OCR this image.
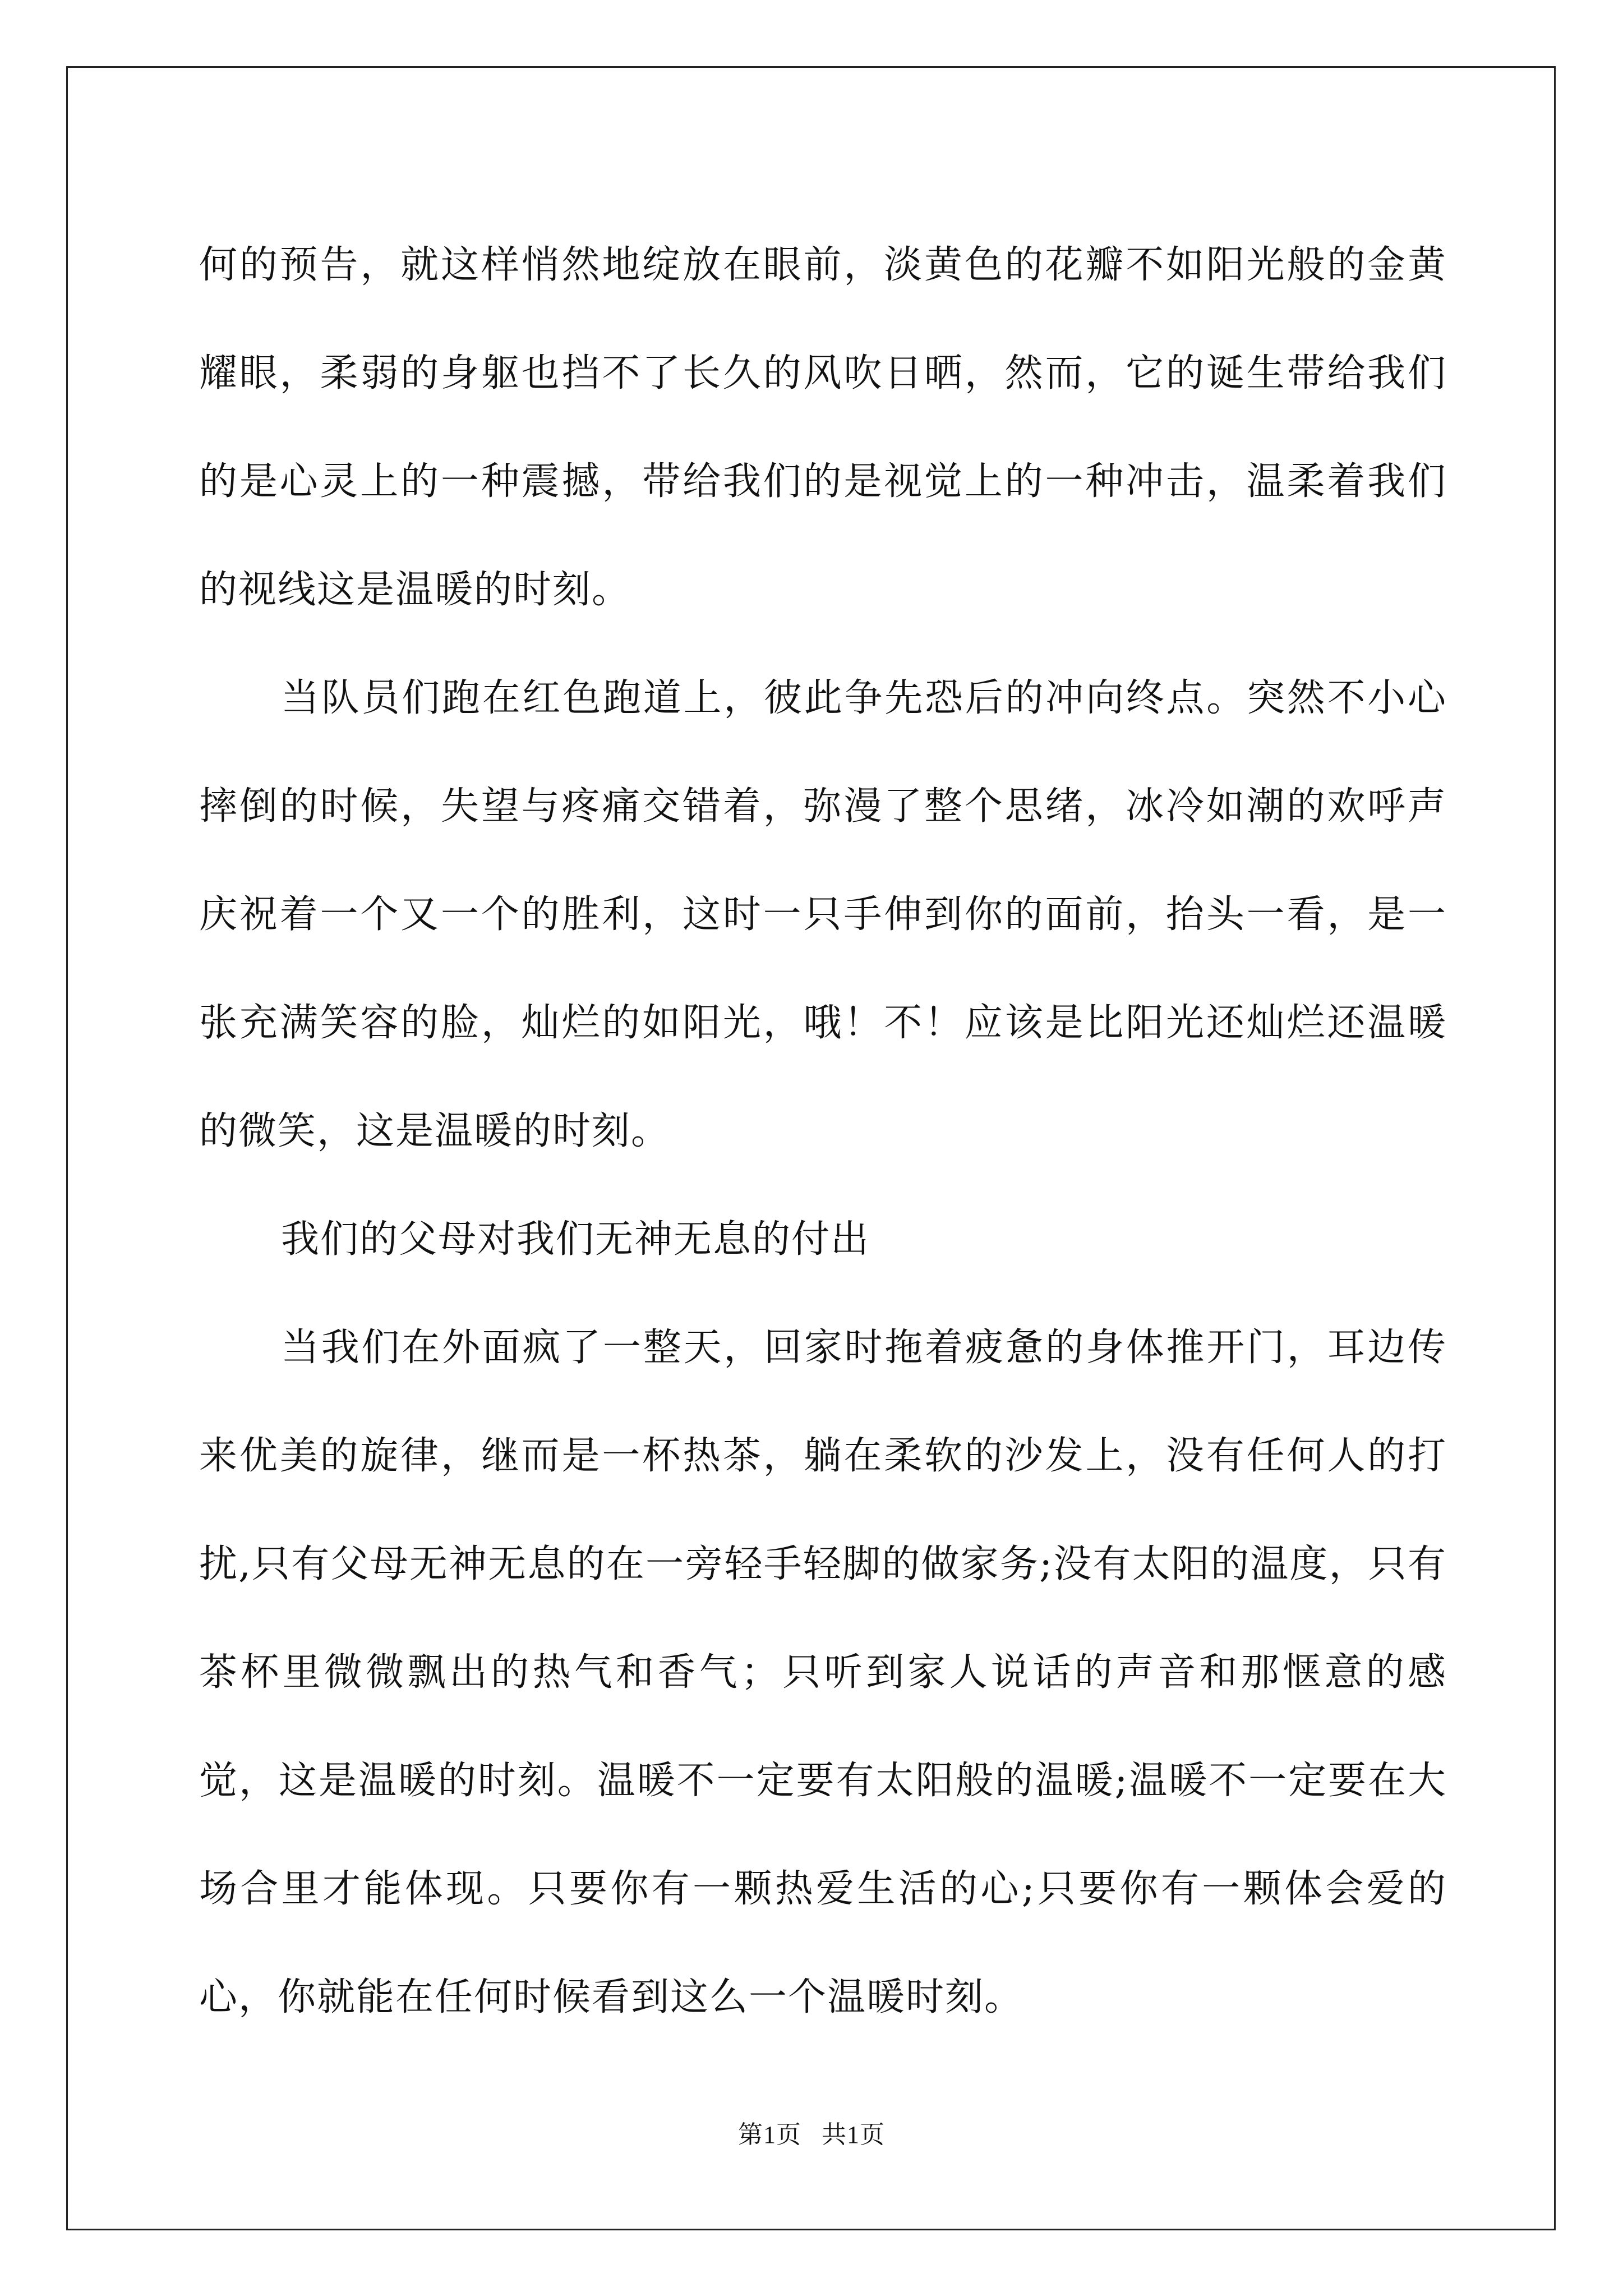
何的预告，就这样悄然地绽放在眼前，淡黄色的花瓣不如阳光般的金黄耀眼，柔弱的身躯也挡不了长久的风吹日晒，然而，它的诞生带给我们的是心灵上的一种震撼，带给我们的是视觉上的一种冲击，温柔着我们的视线这是温暖的时刻。

当队员们跑在红色跑道上，彼此争先恐后的冲向终点。突然不小心摔倒的时候，失望与疼痛交错着，弥漫了整个思绪，冰冷如潮的欢呼声庆祝着一个又一个的胜利，这时一只手伸到你的面前，抬头一看，是一张充满笑容的脸，灿烂的如阳光，哦！不！应该是比阳光还灿烂还温暖的微笑，这是温暖的时刻。

我们的父母对我们无神无息的付出

当我们在外面疯了一整天，回家时拖着疲惫的身体推开门，耳边传来优美的旋律，继而是一杯热茶，躺在柔软的沙发上，没有任何人的打扰,只有父母无神无息的在一旁轻手轻脚的做家务;没有太阳的温度，只有茶杯里微微飘出的热气和香气；只听到家人说话的声音和那惬意的感觉，这是温暖的时刻。温暖不一定要有太阳般的温暖;温暖不一定要在大场合里才能体现。只要你有一颗热爱生活的心;只要你有一颗体会爱的心，你就能在任何时候看到这么一个温暖时刻。

第1页 共1页
